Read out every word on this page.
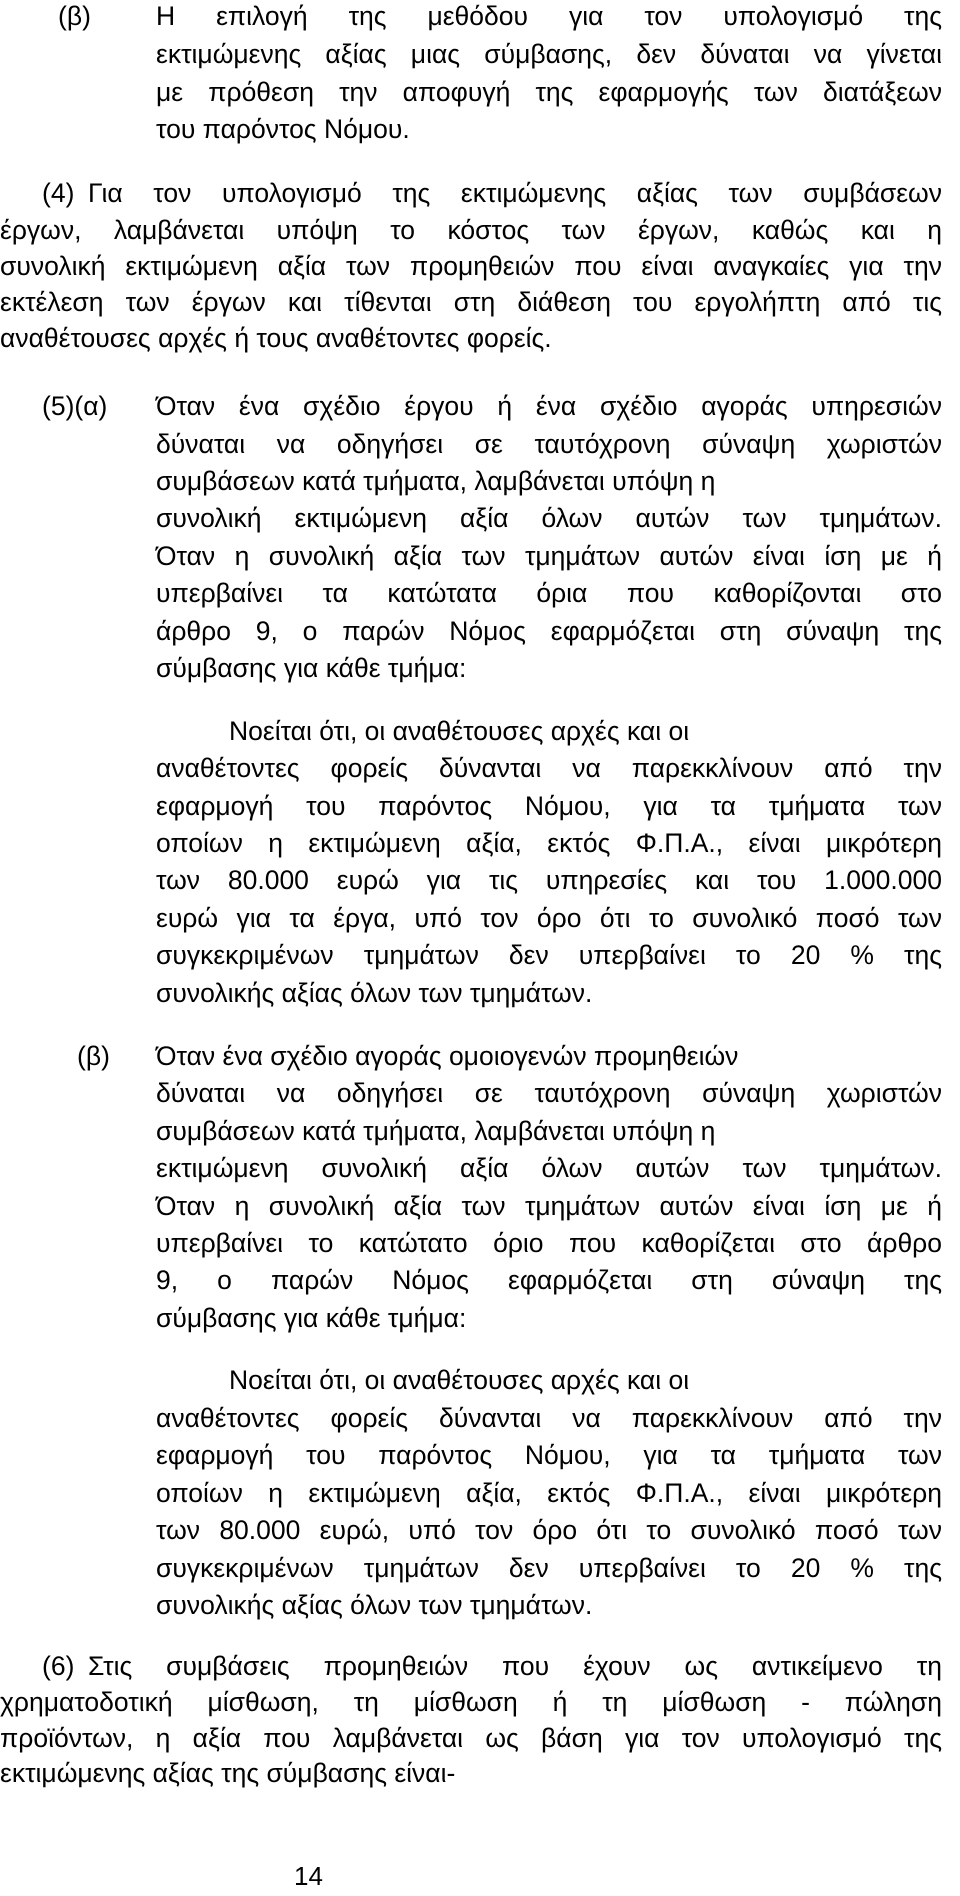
(β) Η επιλογή της μεθόδου για τον υπολογισμό της
εκτιμώμενης αξίας μιας σύμβασης, δεν δύναται να γίνεται
με πρόθεση την αποφυγή της εφαρμογής των διατάξεων
του παρόντος Νόμου.
(4) Για τον υπολογισμό της εκτιμώμενης αξίας των συμβάσεων
έργων, λαμβάνεται υπόψη το κόστος των έργων, καθώς και η
συνολική εκτιμώμενη αξία των προμηθειών που είναι αναγκαίες για την
εκτέλεση των έργων και τίθενται στη διάθεση του εργολήπτη από τις
αναθέτουσες αρχές ή τους αναθέτοντες φορείς.
(5)(α) Όταν ένα σχέδιο έργου ή ένα σχέδιο αγοράς υπηρεσιών
δύναται να οδηγήσει σε ταυτόχρονη σύναψη χωριστών
συμβάσεων κατά τμήματα, λαμβάνεται υπόψη η
συνολική εκτιμώμενη αξία όλων αυτών των τμημάτων.
Όταν η συνολική αξία των τμημάτων αυτών είναι ίση με ή
υπερβαίνει τα κατώτατα όρια που καθορίζονται στο
άρθρο 9, ο παρών Νόμος εφαρμόζεται στη σύναψη της
σύμβασης για κάθε τμήμα:
Νοείται ότι, οι αναθέτουσες αρχές και οι
αναθέτοντες φορείς δύνανται να παρεκκλίνουν από την
εφαρμογή του παρόντος Νόμου, για τα τμήματα των
οποίων η εκτιμώμενη αξία, εκτός Φ.Π.Α., είναι μικρότερη
των 80.000 ευρώ για τις υπηρεσίες και του 1.000.000
ευρώ για τα έργα, υπό τον όρο ότι το συνολικό ποσό των
συγκεκριμένων τμημάτων δεν υπερβαίνει το 20 % της
συνολικής αξίας όλων των τμημάτων.
(β) Όταν ένα σχέδιο αγοράς ομοιογενών προμηθειών
δύναται να οδηγήσει σε ταυτόχρονη σύναψη χωριστών
συμβάσεων κατά τμήματα, λαμβάνεται υπόψη η
εκτιμώμενη συνολική αξία όλων αυτών των τμημάτων.
Όταν η συνολική αξία των τμημάτων αυτών είναι ίση με ή
υπερβαίνει το κατώτατο όριο που καθορίζεται στο άρθρο
9, ο παρών Νόμος εφαρμόζεται στη σύναψη της
σύμβασης για κάθε τμήμα:
Νοείται ότι, οι αναθέτουσες αρχές και οι
αναθέτοντες φορείς δύνανται να παρεκκλίνουν από την
εφαρμογή του παρόντος Νόμου, για τα τμήματα των
οποίων η εκτιμώμενη αξία, εκτός Φ.Π.Α., είναι μικρότερη
των 80.000 ευρώ, υπό τον όρο ότι το συνολικό ποσό των
συγκεκριμένων τμημάτων δεν υπερβαίνει το 20 % της
συνολικής αξίας όλων των τμημάτων.
(6) Στις συμβάσεις προμηθειών που έχουν ως αντικείμενο τη
χρηματοδοτική μίσθωση, τη μίσθωση ή τη μίσθωση - πώληση
προϊόντων, η αξία που λαμβάνεται ως βάση για τον υπολογισμό της
εκτιμώμενης αξίας της σύμβασης είναι-
14
